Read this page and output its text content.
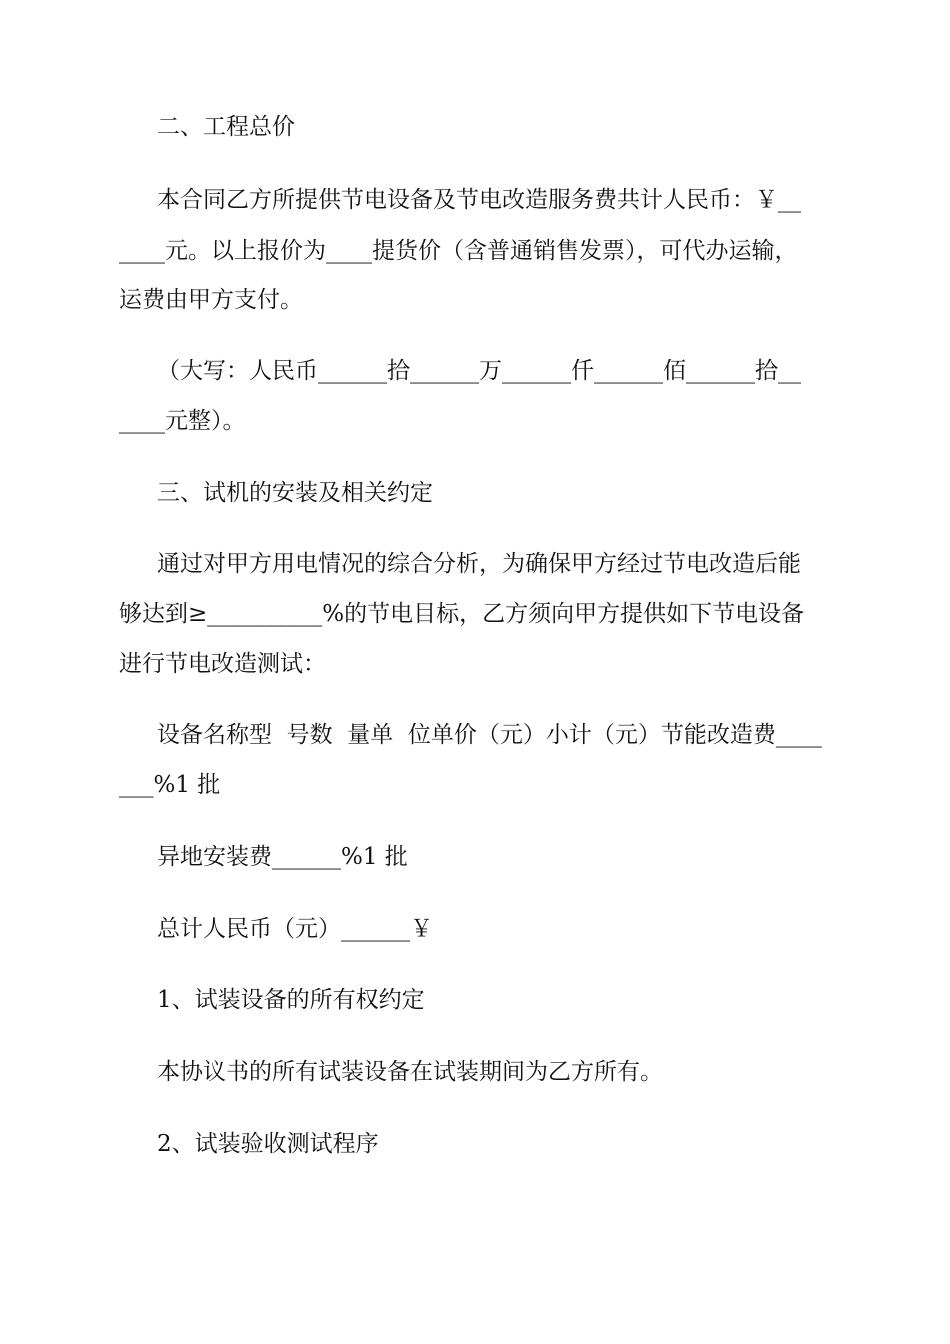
二、工程总价
本合同乙方所提供节电设备及节电改造服务费共计人民币：￥__
____元。以上报价为____提货价（含普通销售发票），可代办运输，
运费由甲方支付。
（大写：人民币______拾______万______仟______佰______拾__
____元整）。
三、试机的安装及相关约定
通过对甲方用电情况的综合分析，为确保甲方经过节电改造后能
够达到≥__________%的节电目标，乙方须向甲方提供如下节电设备
进行节电改造测试：
设备名称型  号数  量单  位单价（元）小计（元）节能改造费____
___%1 批
异地安装费______%1 批
总计人民币（元）______￥
1、试装设备的所有权约定
本协议书的所有试装设备在试装期间为乙方所有。
2、试装验收测试程序
